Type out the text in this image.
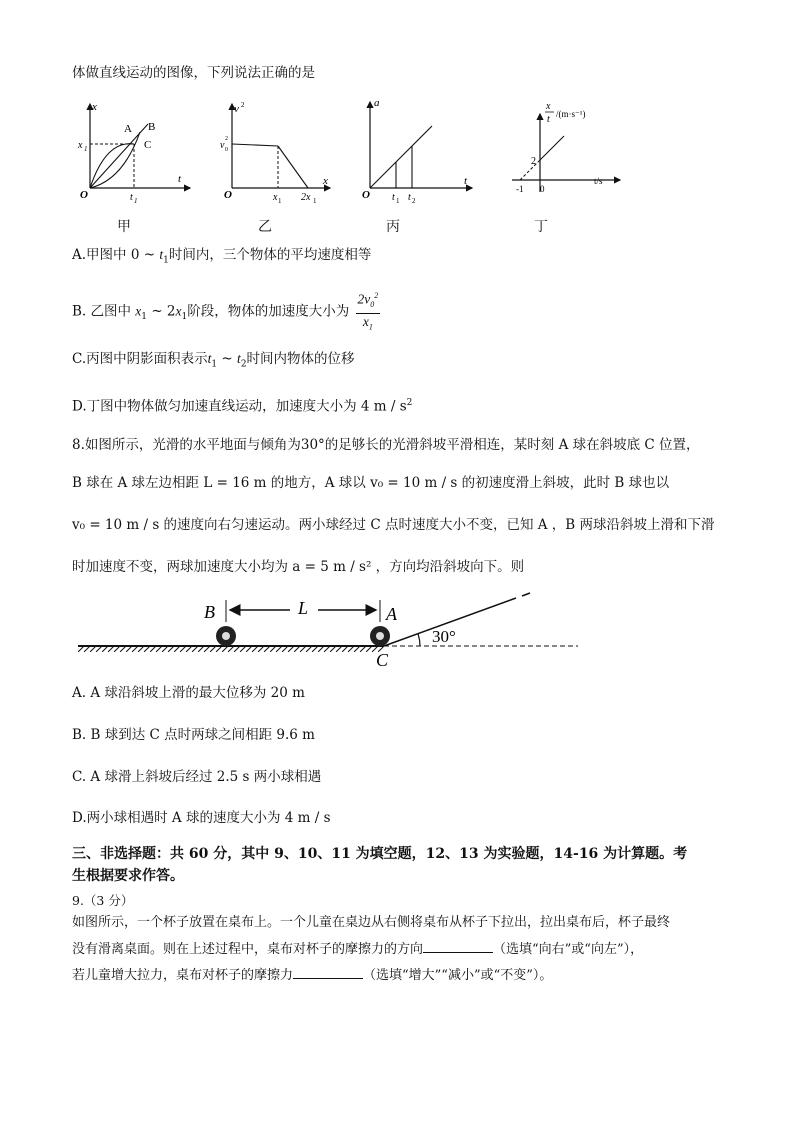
体做直线运动的图像，下列说法正确的是
x
t
O
A B
C
x 1
t 1
甲
v 2
x
O
v 0
2
x 1 2x 1
乙
a
t
O t 1 t 2
丙
x
t /(m·s⁻¹)
t/s
2
-1 0
丁
A.甲图中 0 ~ $t_1$时间内，三个物体的平均速度相等
B. 乙图中 $x_1$ ~ $2x_1$阶段，物体的加速度大小为 $\frac{2v_0^2}{x_1}$
C.丙图中阴影面积表示$t_1$ ~ $t_2$时间内物体的位移
D.丁图中物体做匀加速直线运动，加速度大小为 4 m / $s^2$
8.如图所示，光滑的水平地面与倾角为30°的足够长的光滑斜坡平滑相连，某时刻 A 球在斜坡底 C 位置，
B 球在 A 球左边相距 L = 16 m 的地方，A 球以 v₀ = 10 m / s 的初速度滑上斜坡，此时 B 球也以
v₀ = 10 m / s 的速度向右匀速运动。两小球经过 C 点时速度大小不变，已知 A ，B 两球沿斜坡上滑和下滑
时加速度不变，两球加速度大小均为 a = 5 m / s² ，方向均沿斜坡向下。则
30°
B	A
C
L
A. A 球沿斜坡上滑的最大位移为 20 m
B. B 球到达 C 点时两球之间相距 9.6 m
C. A 球滑上斜坡后经过 2.5 s 两小球相遇
D.两小球相遇时 A 球的速度大小为 4 m / s
三、非选择题：共 60 分，其中 9、10、11 为填空题，12、13 为实验题，14-16 为计算题。考
生根据要求作答。
9.（3 分）
如图所示，一个杯子放置在桌布上。一个儿童在桌边从右侧将桌布从杯子下拉出，拉出桌布后，杯子最终
没有滑离桌面。则在上述过程中，桌布对杯子的摩擦力的方向	（选填“向右”或“向左”），
若儿童增大拉力，桌布对杯子的摩擦力	（选填“增大”“减小”或“不变”）。
